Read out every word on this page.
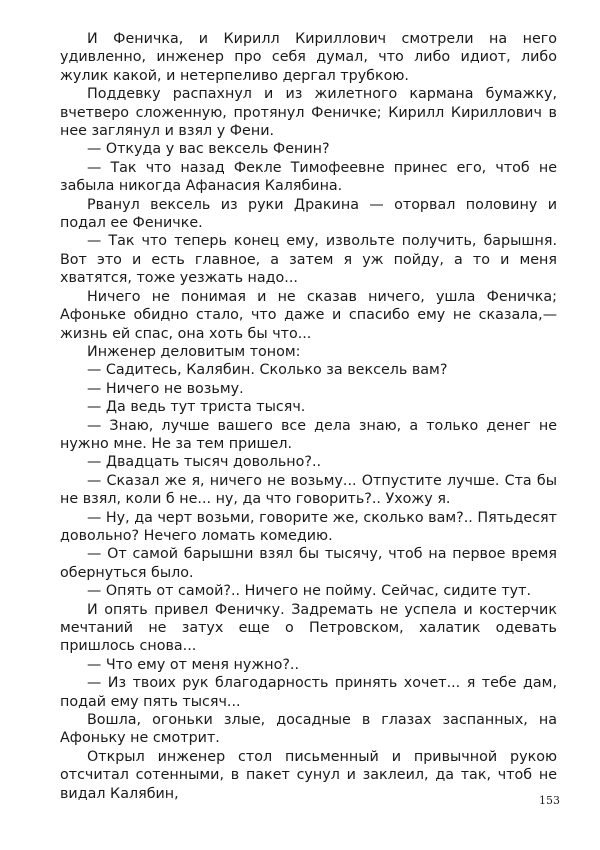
И Феничка, и Кирилл Кириллович смотрели на него удивленно, инженер про себя думал, что либо идиот, либо жулик какой, и нетерпеливо дергал трубкою.

Поддевку распахнул и из жилетного кармана бумажку, вчетверо сложенную, протянул Феничке; Кирилл Кириллович в нее заглянул и взял у Фени.

— Откуда у вас вексель Фенин?

— Так что назад Фекле Тимофеевне принес его, чтоб не забыла никогда Афанасия Калябина.

Рванул вексель из руки Дракина — оторвал половину и подал ее Феничке.

— Так что теперь конец ему, извольте получить, барышня. Вот это и есть главное, а затем я уж пойду, а то и меня хватятся, тоже уезжать надо...

Ничего не понимая и не сказав ничего, ушла Феничка; Афоньке обидно стало, что даже и спасибо ему не сказала,— жизнь ей спас, она хоть бы что...

Инженер деловитым тоном:

— Садитесь, Калябин. Сколько за вексель вам?

— Ничего не возьму.

— Да ведь тут триста тысяч.

— Знаю, лучше вашего все дела знаю, а только денег не нужно мне. Не за тем пришел.

— Двадцать тысяч довольно?..

— Сказал же я, ничего не возьму... Отпустите лучше. Ста бы не взял, коли б не... ну, да что говорить?.. Ухожу я.

— Ну, да черт возьми, говорите же, сколько вам?.. Пятьдесят довольно? Нечего ломать комедию.

— От самой барышни взял бы тысячу, чтоб на первое время обернуться было.

— Опять от самой?.. Ничего не пойму. Сейчас, сидите тут.

И опять привел Феничку. Задремать не успела и костерчик мечтаний не затух еще о Петровском, халатик одевать пришлось снова...

— Что ему от меня нужно?..

— Из твоих рук благодарность принять хочет... я тебе дам, подай ему пять тысяч...

Вошла, огоньки злые, досадные в глазах заспанных, на Афоньку не смотрит.

Открыл инженер стол письменный и привычной рукою отсчитал сотенными, в пакет сунул и заклеил, да так, чтоб не видал Калябин,	153
